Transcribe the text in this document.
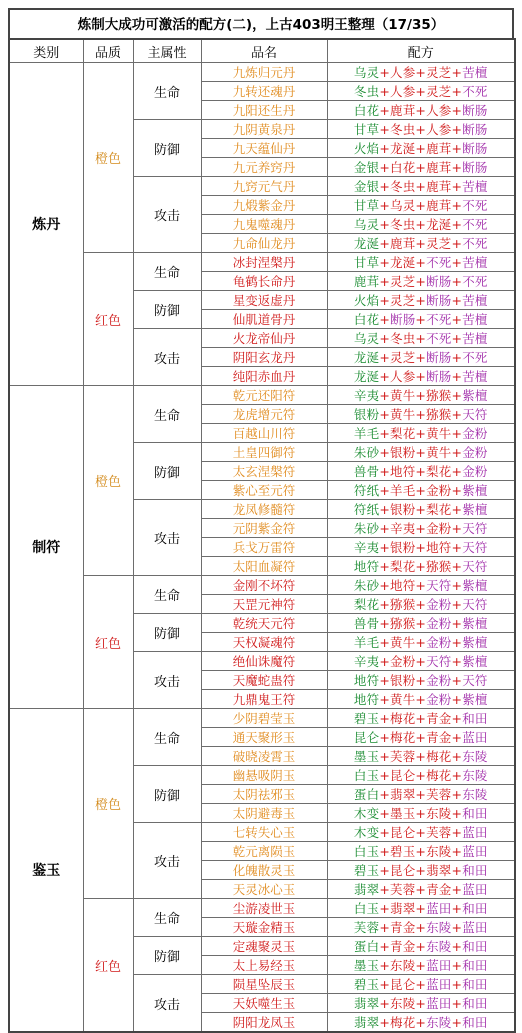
炼制大成功可激活的配方(二)，上古403明王整理（17/35）
类别	品质	主属性	品名	配方
炼丹	橙色	生命	九炼归元丹	乌灵+人参+灵芝+苦檀
			九转还魂丹	冬虫+人参+灵芝+不死
			九阳还生丹	白花+鹿茸+人参+断肠
		防御	九阴黄泉丹	甘草+冬虫+人参+断肠
			九天蕴仙丹	火焰+龙涎+鹿茸+断肠
			九元养窍丹	金银+白花+鹿茸+断肠
		攻击	九窍元气丹	金银+冬虫+鹿茸+苦檀
			九煅紫金丹	甘草+乌灵+鹿茸+不死
			九鬼噬魂丹	乌灵+冬虫+龙涎+不死
			九命仙龙丹	龙涎+鹿茸+灵芝+不死
	红色	生命	冰封涅槃丹	甘草+龙涎+不死+苦檀
			龟鹤长命丹	鹿茸+灵芝+断肠+不死
		防御	星变返虚丹	火焰+灵芝+断肠+苦檀
			仙肌道骨丹	白花+断肠+不死+苦檀
		攻击	火龙帝仙丹	乌灵+冬虫+不死+苦檀
			阴阳玄龙丹	龙涎+灵芝+断肠+不死
			纯阳赤血丹	龙涎+人参+断肠+苦檀
制符	橙色	生命	乾元还阳符	辛夷+黄牛+猕猴+紫檀
			龙虎增元符	银粉+黄牛+猕猴+天符
			百越山川符	羊毛+梨花+黄牛+金粉
		防御	土皇四御符	朱砂+银粉+黄牛+金粉
			太玄涅槃符	兽骨+地符+梨花+金粉
			紫心至元符	符纸+羊毛+金粉+紫檀
		攻击	龙凤修髓符	符纸+银粉+梨花+紫檀
			元阴紫金符	朱砂+辛夷+金粉+天符
			兵戈万雷符	辛夷+银粉+地符+天符
			太阳血凝符	地符+梨花+猕猴+天符
	红色	生命	金刚不坏符	朱砂+地符+天符+紫檀
			天罡元神符	梨花+猕猴+金粉+天符
		防御	乾统天元符	兽骨+猕猴+金粉+紫檀
			天权凝魂符	羊毛+黄牛+金粉+紫檀
		攻击	绝仙诛魔符	辛夷+金粉+天符+紫檀
			天魔蛇蛊符	地符+银粉+金粉+天符
			九鼎鬼王符	地符+黄牛+金粉+紫檀
鉴玉	橙色	生命	少阴碧莹玉	碧玉+梅花+青金+和田
			通天聚形玉	昆仑+梅花+青金+蓝田
			破晓凌霄玉	墨玉+芙蓉+梅花+东陵
		防御	幽悬吸阴玉	白玉+昆仑+梅花+东陵
			太阴祛邪玉	蛋白+翡翠+芙蓉+东陵
			太阴避毒玉	木变+墨玉+东陵+和田
		攻击	七转失心玉	木变+昆仑+芙蓉+蓝田
			乾元离陨玉	白玉+碧玉+东陵+蓝田
			化魄散灵玉	碧玉+昆仑+翡翠+和田
			天灵冰心玉	翡翠+芙蓉+青金+蓝田
	红色	生命	尘游凌世玉	白玉+翡翠+蓝田+和田
			天璇金精玉	芙蓉+青金+东陵+蓝田
		防御	定魂聚灵玉	蛋白+青金+东陵+和田
			太上易经玉	墨玉+东陵+蓝田+和田
		攻击	陨星坠辰玉	碧玉+昆仑+蓝田+和田
			天妖噬生玉	翡翠+东陵+蓝田+和田
			阴阳龙凤玉	翡翠+梅花+东陵+和田
